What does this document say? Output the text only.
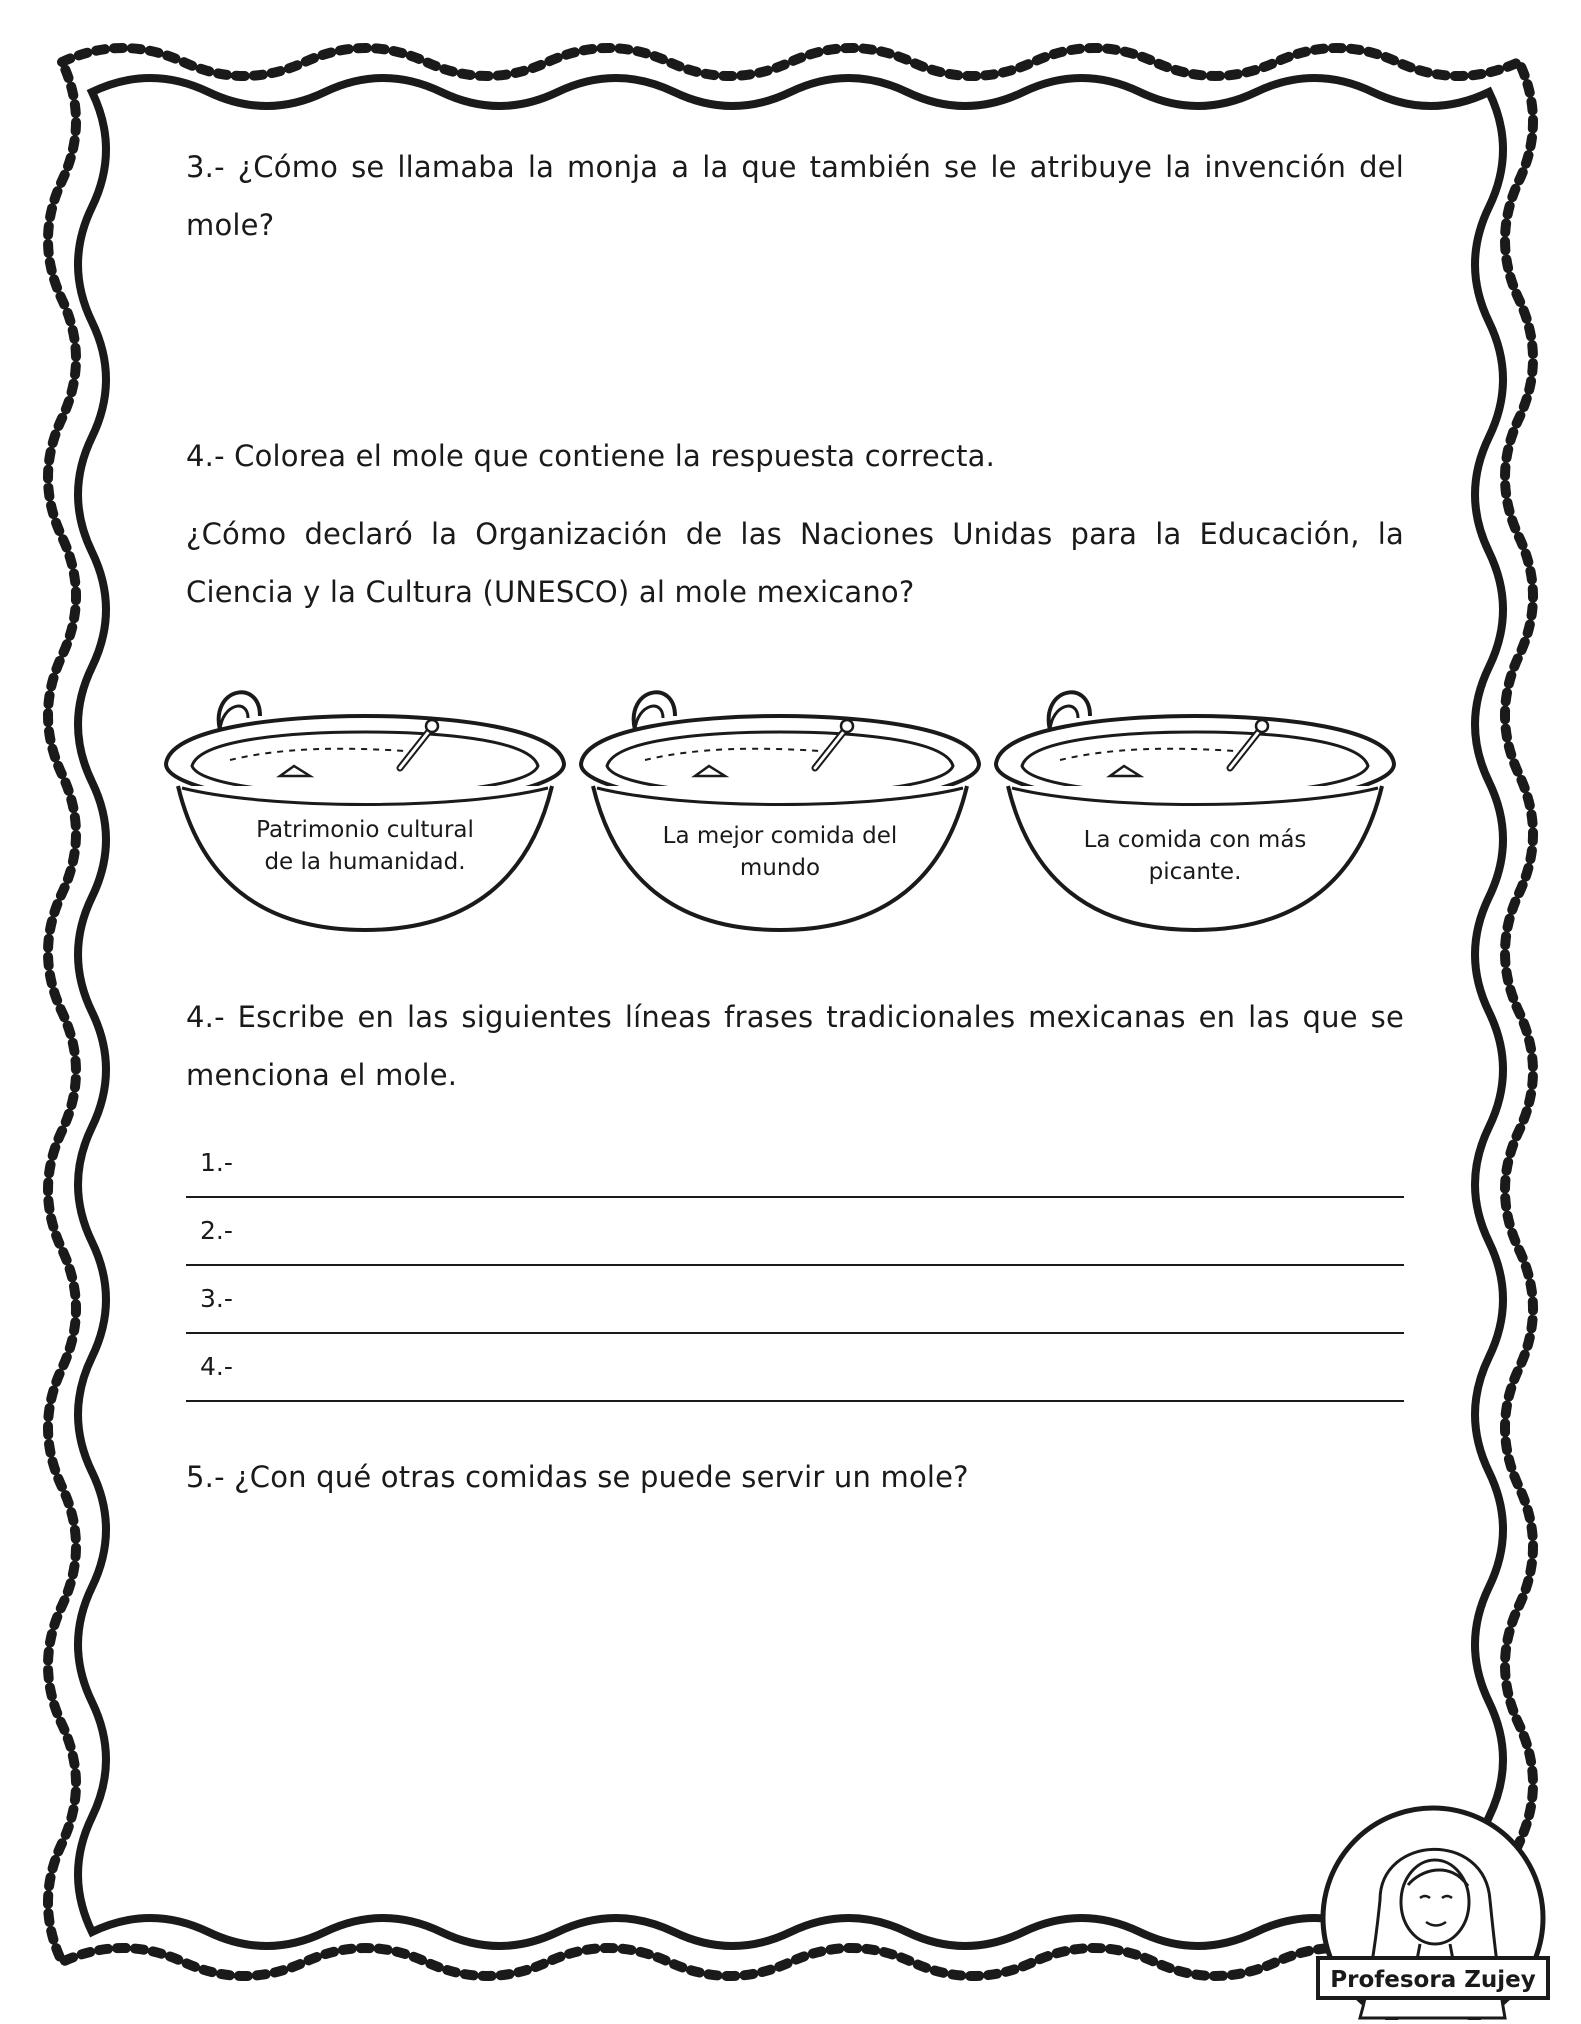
3.- ¿Cómo se llamaba la monja a la que también se le atribuye la invención del mole?
4.- Colorea el mole que contiene la respuesta correcta.
¿Cómo declaró la Organización de las Naciones Unidas para la Educación, la Ciencia y la Cultura (UNESCO) al mole mexicano?
Patrimonio cultural
de la humanidad.
La mejor comida del
mundo
La comida con más
picante.
4.- Escribe en las siguientes líneas frases tradicionales mexicanas en las que se menciona el mole.
1.-
2.-
3.-
4.-
5.- ¿Con qué otras comidas se puede servir un mole?
Profesora Zujey
